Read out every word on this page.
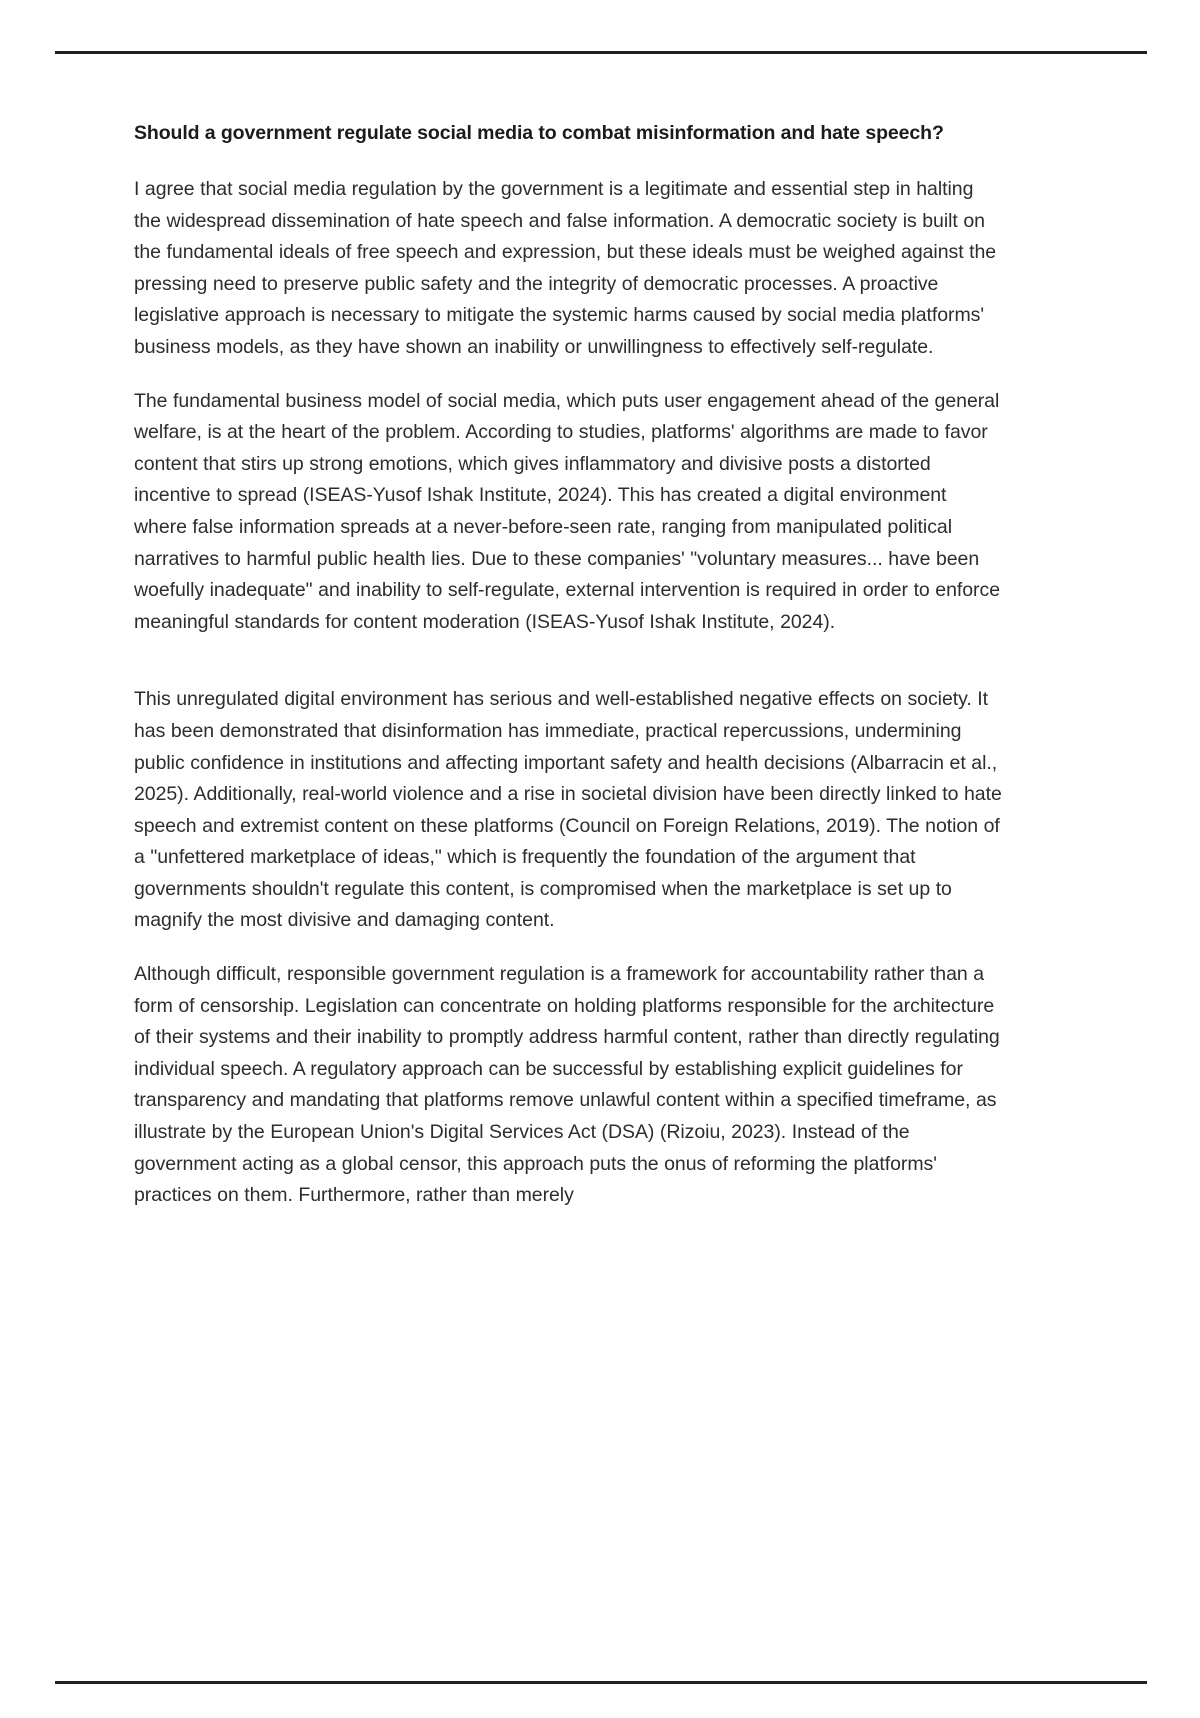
Should a government regulate social media to combat misinformation and hate speech?

I agree that social media regulation by the government is a legitimate and essential step in halting the widespread dissemination of hate speech and false information. A democratic society is built on the fundamental ideals of free speech and expression, but these ideals must be weighed against the pressing need to preserve public safety and the integrity of democratic processes. A proactive legislative approach is necessary to mitigate the systemic harms caused by social media platforms' business models, as they have shown an inability or unwillingness to effectively self-regulate.

The fundamental business model of social media, which puts user engagement ahead of the general welfare, is at the heart of the problem. According to studies, platforms' algorithms are made to favor content that stirs up strong emotions, which gives inflammatory and divisive posts a distorted incentive to spread (ISEAS-Yusof Ishak Institute, 2024). This has created a digital environment where false information spreads at a never-before-seen rate, ranging from manipulated political narratives to harmful public health lies. Due to these companies' "voluntary measures... have been woefully inadequate" and inability to self-regulate, external intervention is required in order to enforce meaningful standards for content moderation (ISEAS-Yusof Ishak Institute, 2024).

This unregulated digital environment has serious and well-established negative effects on society. It has been demonstrated that disinformation has immediate, practical repercussions, undermining public confidence in institutions and affecting important safety and health decisions (Albarracin et al., 2025). Additionally, real-world violence and a rise in societal division have been directly linked to hate speech and extremist content on these platforms (Council on Foreign Relations, 2019). The notion of a "unfettered marketplace of ideas," which is frequently the foundation of the argument that governments shouldn't regulate this content, is compromised when the marketplace is set up to magnify the most divisive and damaging content.

Although difficult, responsible government regulation is a framework for accountability rather than a form of censorship. Legislation can concentrate on holding platforms responsible for the architecture of their systems and their inability to promptly address harmful content, rather than directly regulating individual speech. A regulatory approach can be successful by establishing explicit guidelines for transparency and mandating that platforms remove unlawful content within a specified timeframe, as illustrate by the European Union's Digital Services Act (DSA) (Rizoiu, 2023). Instead of the government acting as a global censor, this approach puts the onus of reforming the platforms' practices on them. Furthermore, rather than merely
